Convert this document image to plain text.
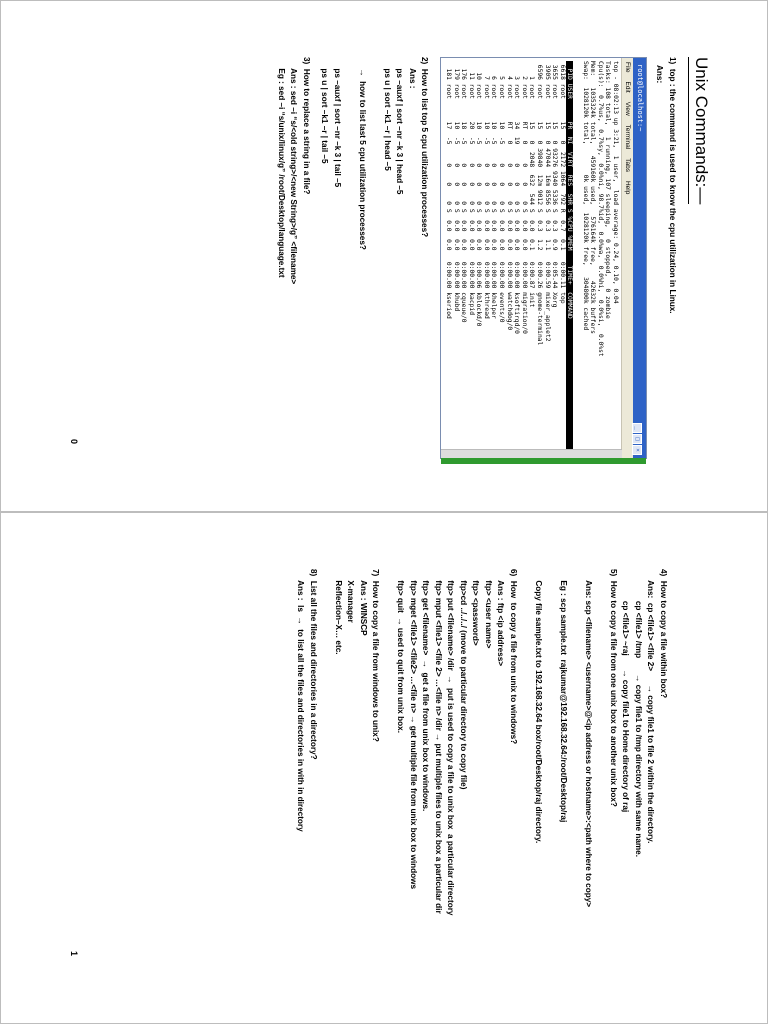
Unix Commands:—
1)  top : the command is used to know the cpu utilization in Linux.
Ans:
root@localhost:~
_□×
FileEditViewTerminalTabsHelp
top - 08:02:13 up 3:21,  1 user,  load average: 0.24, 0.10, 0.04
Tasks: 108 total,   1 running, 107 sleeping,   0 stopped,   0 zombie
Cpu(s):  0.7%us,  0.7%sy,  0.0%ni, 98.7%id,  0.0%wa,  0.0%hi,  0.0%si,  0.0%st
Mem:   1035324k total,   459160k used,   576164k free,    42632k buffers
Swap:  1028120k total,        0k used,  1028120k free,   304800k cached

PID USER      PR  NI  VIRT  RES  SHR S %CPU %MEM    TIME+  COMMAND
6618 root      15   0  2172 1064  792 R  0.7  0.1   0:00.11 top
3655 root      15   0 93276 9340 5336 S  0.3  0.9   0:05.44 Xorg
3905 root      15   0 47044  16m 8556 S  0.3  1.1   0:00.59 mixer_applet2
6596 root      15   0 39840  12m 9012 S  0.3  1.2   0:00.26 gnome-terminal
1 root      15   0  2048  632  544 S  0.0  0.1   0:00.87 init
2 root      RT   0     0    0    0 S  0.0  0.0   0:00.00 migration/0
3 root      34  19     0    0    0 S  0.0  0.0   0:00.00 ksoftirqd/0
4 root      RT   0     0    0    0 S  0.0  0.0   0:00.00 watchdog/0
5 root      10  -5     0    0    0 S  0.0  0.0   0:00.00 events/0
6 root      10  -5     0    0    0 S  0.0  0.0   0:00.00 khelper
7 root      10  -5     0    0    0 S  0.0  0.0   0:00.00 kthread
10 root      10  -5     0    0    0 S  0.0  0.0   0:00.06 kblockd/0
11 root      20  -5     0    0    0 S  0.0  0.0   0:00.00 kacpid
176 root      18  -5     0    0    0 S  0.0  0.0   0:00.00 cqueue/0
179 root      10  -5     0    0    0 S  0.0  0.0   0:00.00 khubd
181 root      17  -5     0    0    0 S  0.0  0.0   0:00.00 kseriod
2)  How to list top 5 cpu utilization processes?
Ans :
ps –auxf | sort –nr –k 3 | head –5
ps u | sort –k1 –r | head –5

→  how to list last 5 cpu utilization processes?

ps –auxf | sort –nr –k 3 | tail –5
ps u | sort –k1 –r | tail –5
3)  How to replace a string in a file?
Ans : sed –i “s/<old string>/<new String>/g” <filename>
Eg : sed –i “s/unix/linux/g” /root/Desktop/language.txt
0
4)  How to copy a file within box?
Ans:  cp <file1> <file 2>      → copy file1 to file 2 within the directory.
cp <file1> /tmp       → copy file1 to /tmp directory with same name.
cp <file1> ~raj      → copy file1 to Home directory of raj
5)  How to copy a file from one unix box to another unix box?

Ans: scp <filename> <username>@<ip address or hostname>:<path where to copy>

Eg : scp sample.txt  rajkumar@192.168.32.64:/root/Desktop/raj

Copy file sample.txt to 192.168.32.64 box/root/Desktop/raj directory.

6)  How  to copy a file from unix to windows?
Ans : ftp <ip address>
ftp> <user name>
ftp> <password>
ftp>cd ../../../ (move to particular directory to copy file)
ftp> put <filename> /dir  →  put is used to copy a file to unix box  a particular directory
ftp> mput <file1> <file 2> …<file n> /dir → put multiple files to unix box a particular dir
ftp> get <filename>  →  get a file from unix box to windows.
ftp> mget <file1> <file2> …<file n> → get multiple file from unix box to windows
ftp> quit  → used to quit from unix box.

7)  How to copy a file from windows to unix?
Ans : WINSCP
X-manager
Reflection–X… etc.

8)  List all the files and directories in a directory?
Ans :  ls  →  to list all the files and directories in with in directory
1
